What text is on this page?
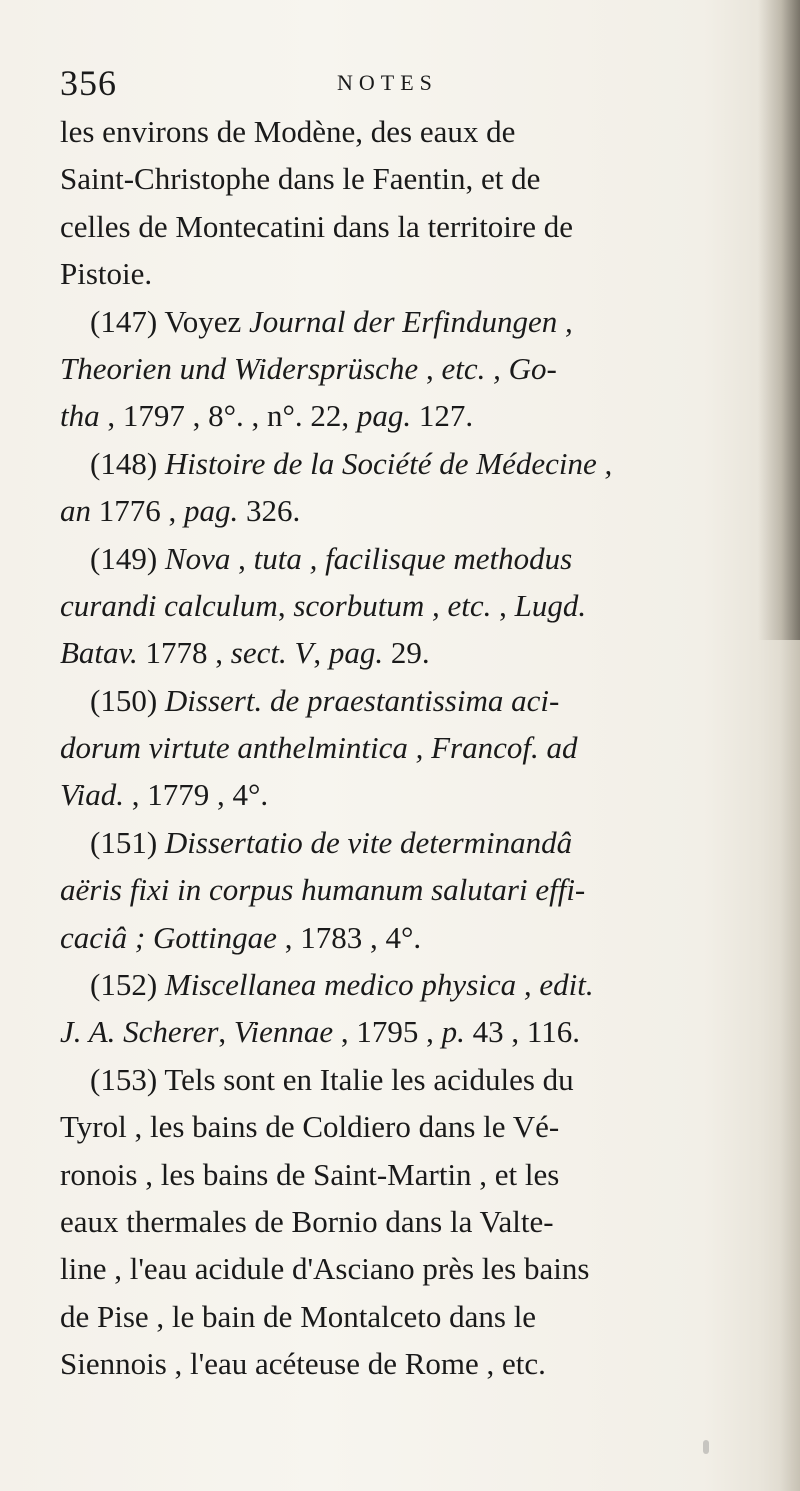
356	NOTES
les environs de Modène, des eaux de
Saint-Christophe dans le Faentin, et de
celles de Montecatini dans la territoire de
Pistoie.
(147) Voyez Journal der Erfindungen ,
Theorien und Widersprüsche , etc. , Go-
tha , 1797 , 8°. , n°. 22, pag. 127.
(148) Histoire de la Société de Médecine ,
an 1776 , pag. 326.
(149) Nova , tuta , facilisque methodus
curandi calculum, scorbutum , etc. , Lugd.
Batav. 1778 , sect. V, pag. 29.
(150) Dissert. de praestantissima aci-
dorum virtute anthelmintica , Francof. ad
Viad. , 1779 , 4°.
(151) Dissertatio de vite determinandâ
aëris fixi in corpus humanum salutari effi-
caciâ ; Gottingae , 1783 , 4°.
(152) Miscellanea medico physica , edit.
J. A. Scherer, Viennae , 1795 , p. 43 , 116.
(153) Tels sont en Italie les acidules du
Tyrol , les bains de Coldiero dans le Vé-
ronois , les bains de Saint-Martin , et les
eaux thermales de Bornio dans la Valte-
line , l'eau acidule d'Asciano près les bains
de Pise , le bain de Montalceto dans le
Siennois , l'eau acéteuse de Rome , etc.
